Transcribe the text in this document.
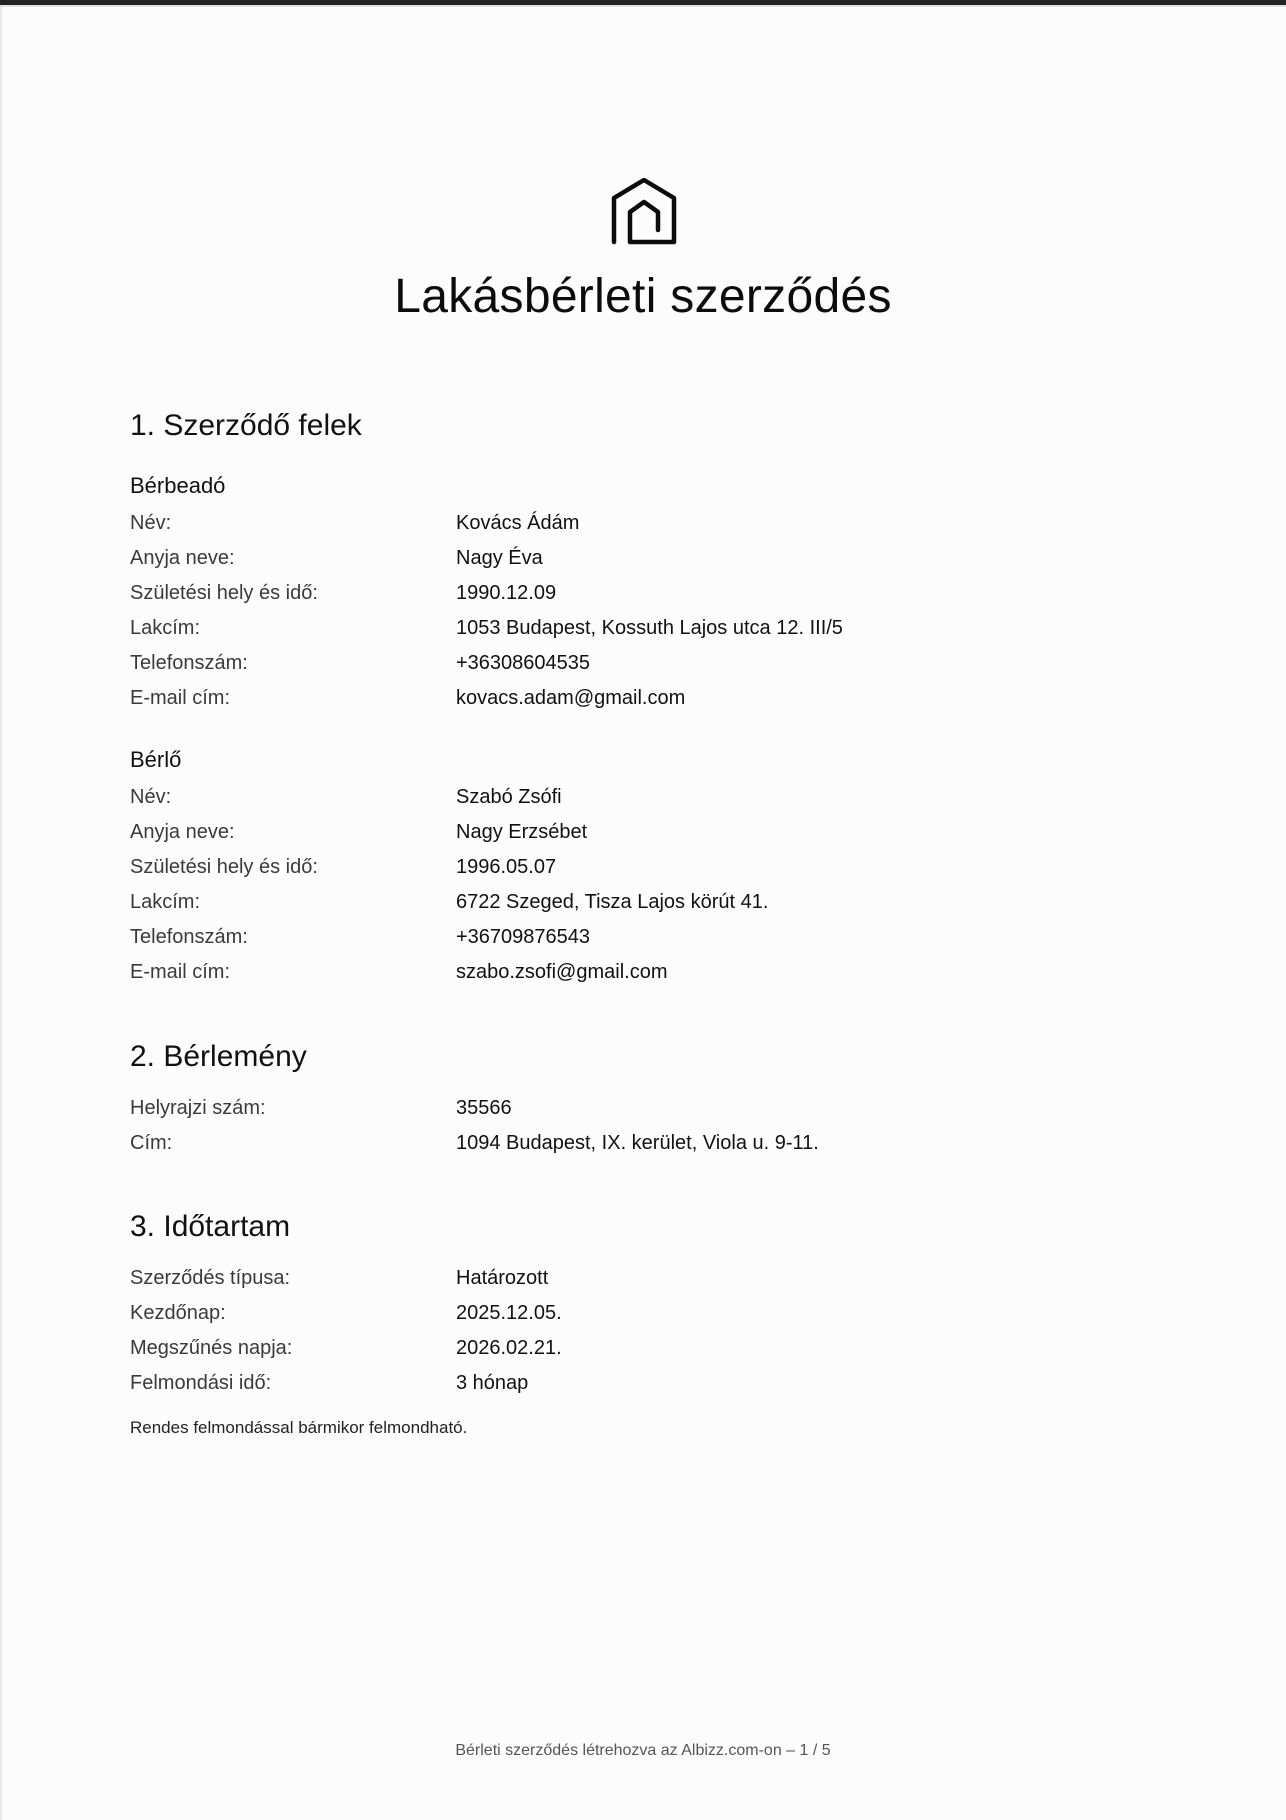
Lakásbérleti szerződés
1. Szerződő felek
Bérbeadó
Név:	Kovács Ádám
Anyja neve:	Nagy Éva
Születési hely és idő:	1990.12.09
Lakcím:	1053 Budapest, Kossuth Lajos utca 12. III/5
Telefonszám:	+36308604535
E-mail cím:	kovacs.adam@gmail.com
Bérlő
Név:	Szabó Zsófi
Anyja neve:	Nagy Erzsébet
Születési hely és idő:	1996.05.07
Lakcím:	6722 Szeged, Tisza Lajos körút 41.
Telefonszám:	+36709876543
E-mail cím:	szabo.zsofi@gmail.com
2. Bérlemény
Helyrajzi szám:	35566
Cím:	1094 Budapest, IX. kerület, Viola u. 9-11.
3. Időtartam
Szerződés típusa:	Határozott
Kezdőnap:	2025.12.05.
Megszűnés napja:	2026.02.21.
Felmondási idő:	3 hónap

Rendes felmondással bármikor felmondható.

Bérleti szerződés létrehozva az Albizz.com-on – 1 / 5
